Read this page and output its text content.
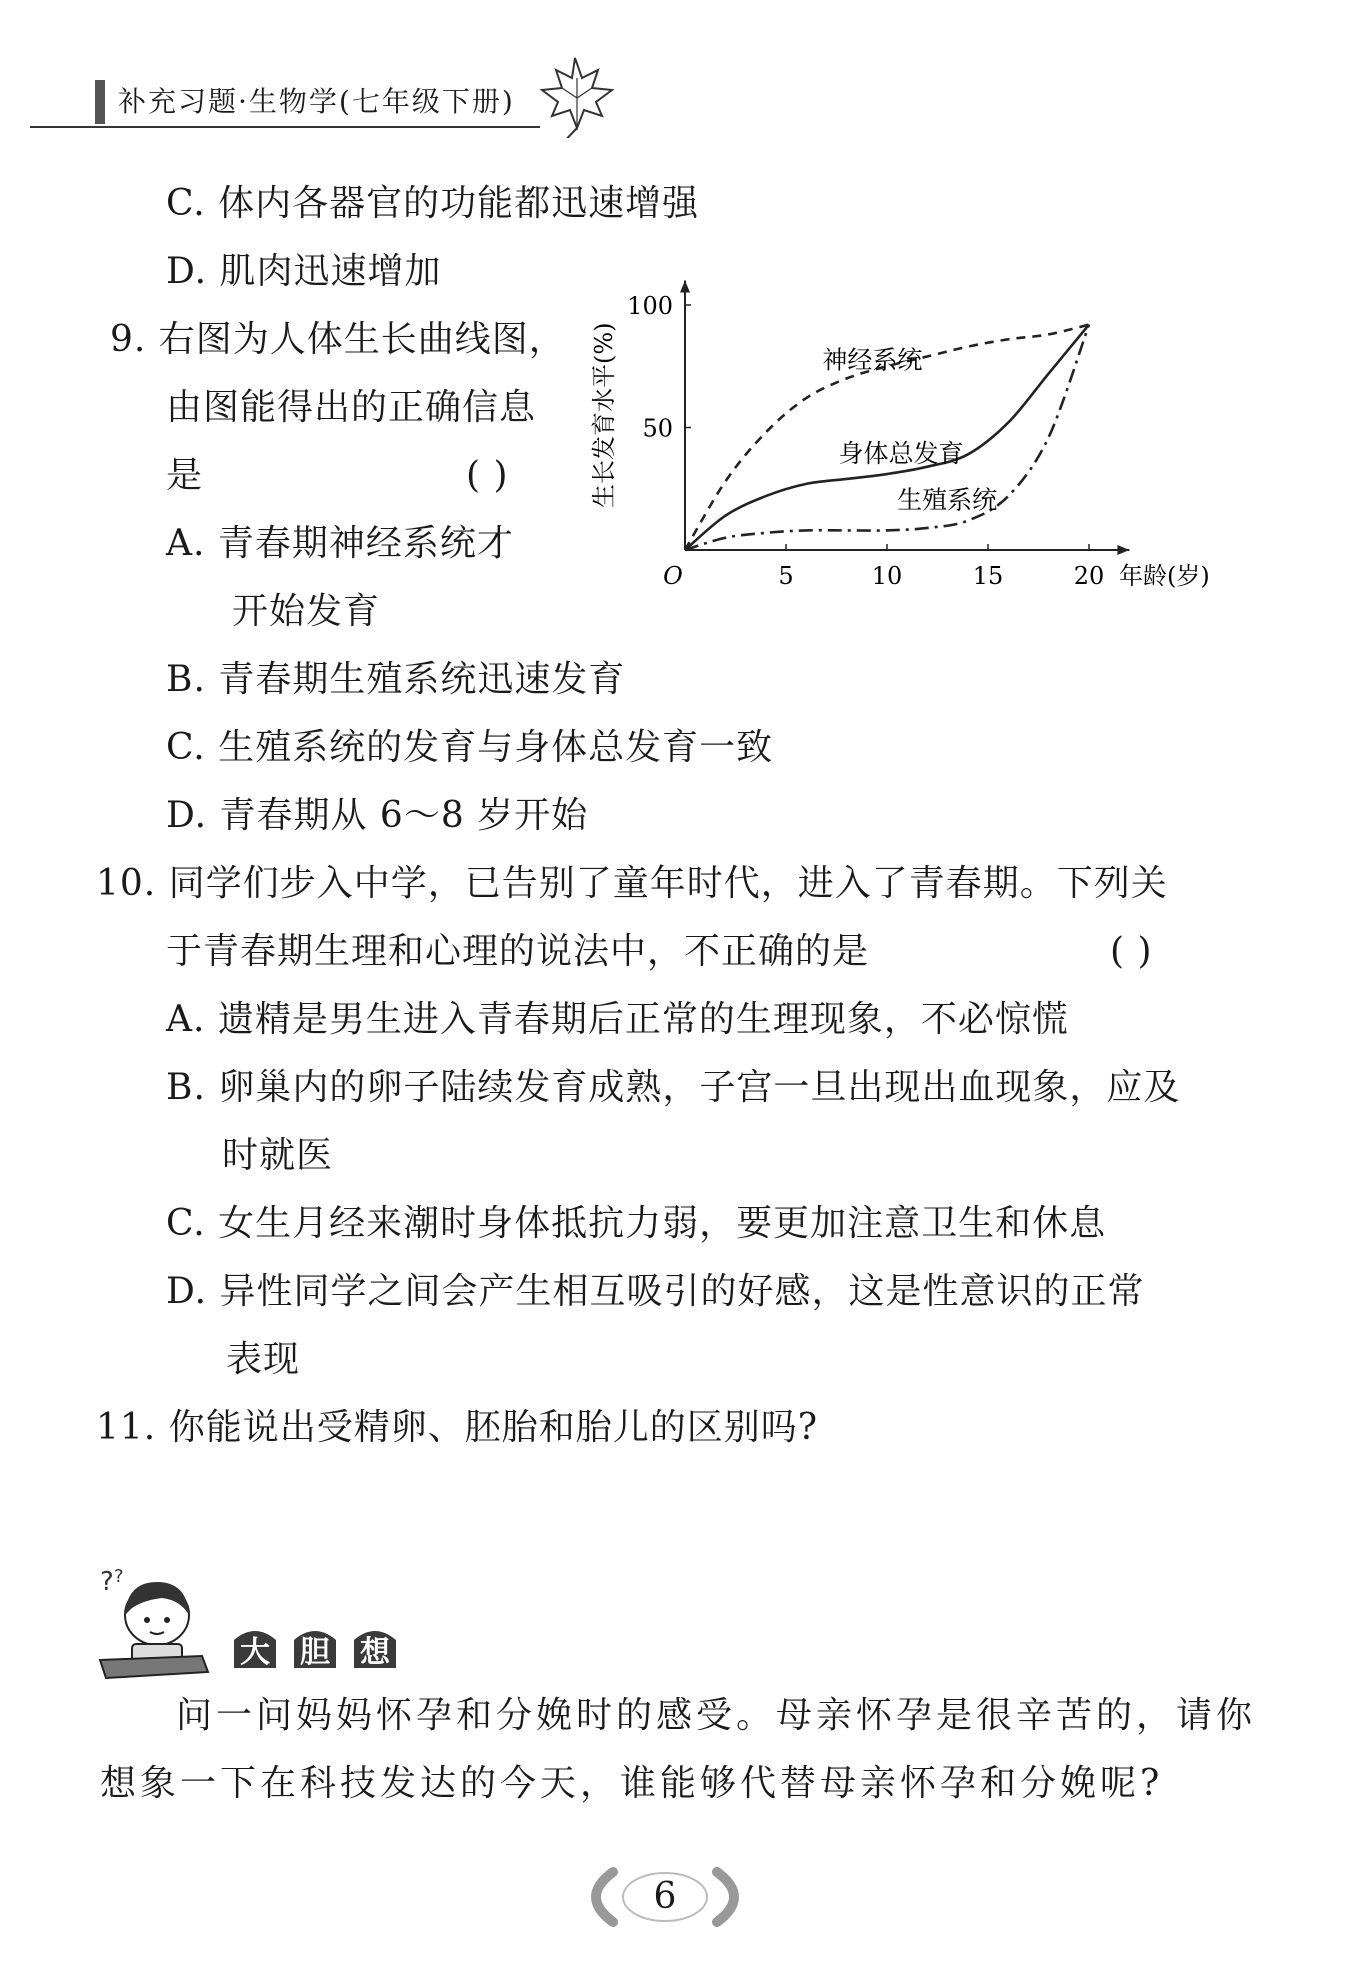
补充习题·生物学(七年级下册)
C. 体内各器官的功能都迅速增强
D. 肌肉迅速增加
9. 右图为人体生长曲线图，
由图能得出的正确信息
是	( )
A. 青春期神经系统才
开始发育
B. 青春期生殖系统迅速发育
C. 生殖系统的发育与身体总发育一致
D. 青春期从 6～8 岁开始
5	10	15	20
50
100
O	年龄(岁)
生长发育水平(%)	神经系统
身体总发育
生殖系统
10. 同学们步入中学，已告别了童年时代，进入了青春期。下列关
于青春期生理和心理的说法中，不正确的是	( )
A. 遗精是男生进入青春期后正常的生理现象，不必惊慌
B. 卵巢内的卵子陆续发育成熟，子宫一旦出现出血现象，应及
时就医
C. 女生月经来潮时身体抵抗力弱，要更加注意卫生和休息
D. 异性同学之间会产生相互吸引的好感，这是性意识的正常
表现
11. 你能说出受精卵、胚胎和胎儿的区别吗?
? ?
大 胆 想
问一问妈妈怀孕和分娩时的感受。母亲怀孕是很辛苦的，请你
想象一下在科技发达的今天，谁能够代替母亲怀孕和分娩呢?
6
